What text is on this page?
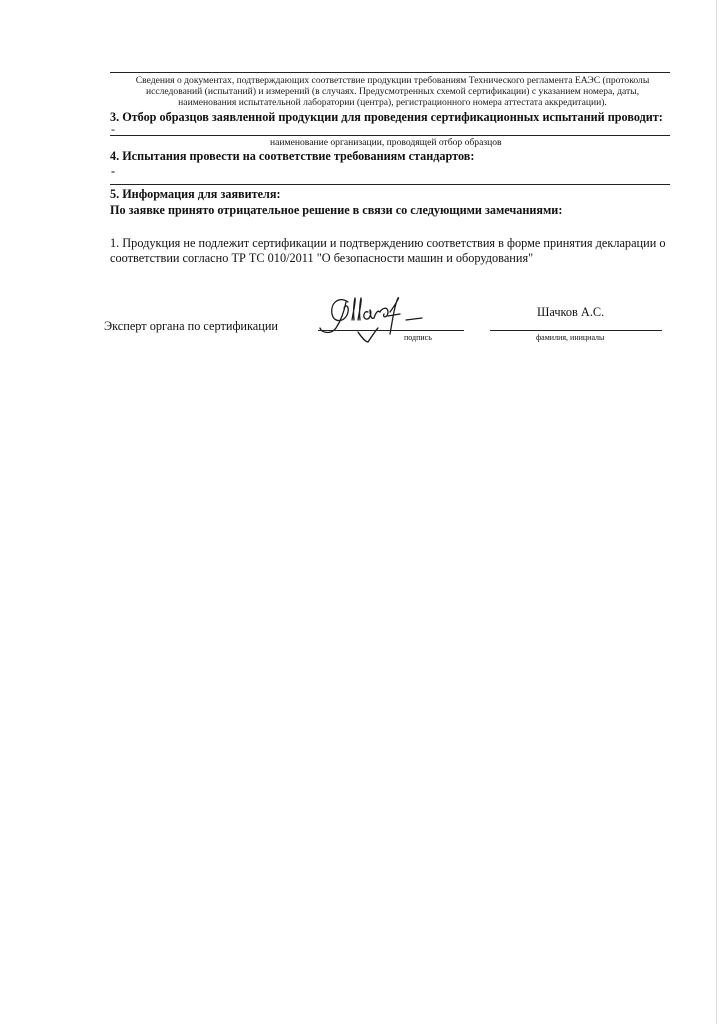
Сведения о документах, подтверждающих соответствие продукции требованиям Технического регламента ЕАЭС (протоколы исследований (испытаний) и измерений (в случаях. Предусмотренных схемой сертификации) с указанием номера, даты, наименования испытательной лаборатории (центра), регистрационного номера аттестата аккредитации).
3. Отбор образцов заявленной продукции для проведения сертификационных испытаний проводит:
-
наименование организации, проводящей отбор образцов
4. Испытания провести на соответствие требованиям стандартов:
-
5. Информация для заявителя:
По заявке принято отрицательное решение в связи со следующими замечаниями:
1. Продукция не подлежит сертификации и подтверждению соответствия в форме принятия декларации о соответствии согласно ТР ТС 010/2011 "О безопасности машин и оборудования"
Эксперт органа по сертификации
подпись
Шачков А.С.
фамилия, инициалы
